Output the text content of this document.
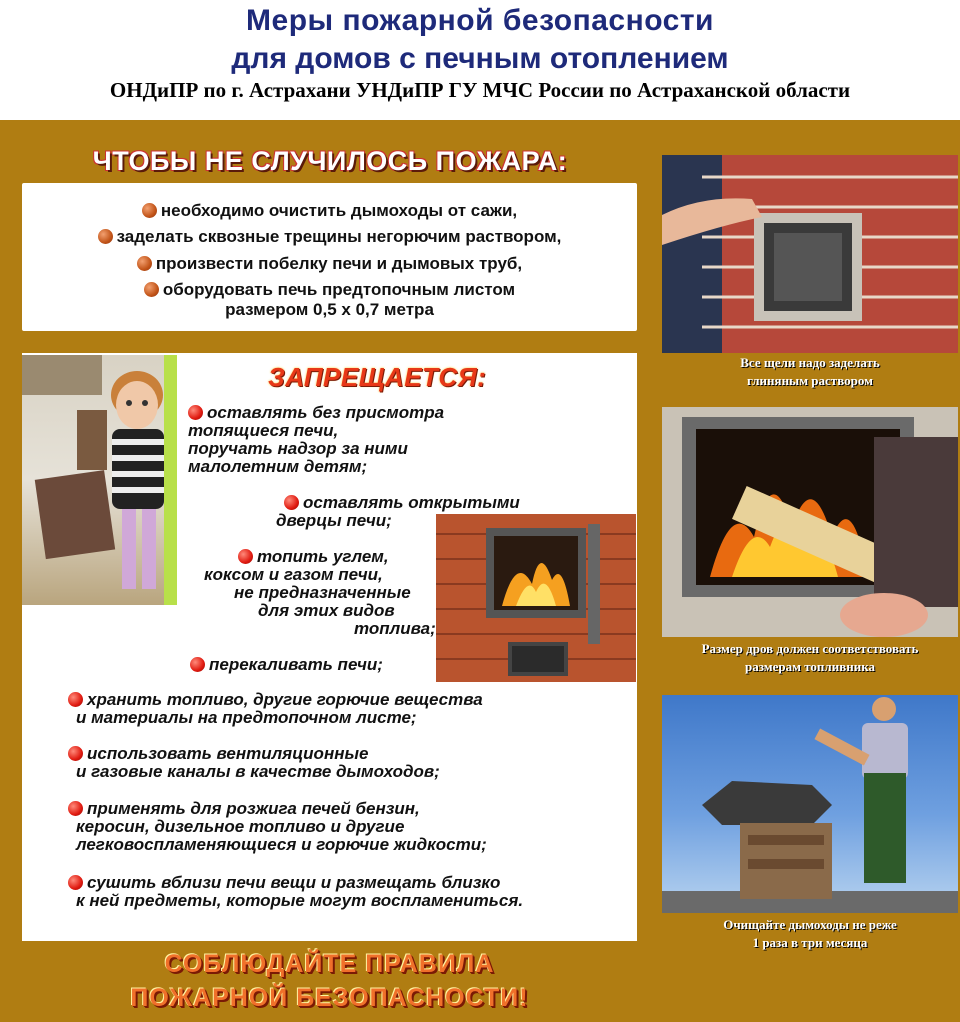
Меры пожарной безопасности
для домов с печным отоплением
ОНДиПР по г. Астрахани УНДиПР ГУ МЧС России по Астраханской области
ЧТОБЫ НЕ СЛУЧИЛОСЬ ПОЖАРА:
необходимо очистить дымоходы от сажи,
заделать сквозные трещины негорючим раствором,
произвести побелку печи и дымовых труб,
оборудовать печь предтопочным листом
размером 0,5 х 0,7 метра
ЗАПРЕЩАЕТСЯ:
оставлять без присмотра
топящиеся печи,
поручать надзор за ними
малолетним детям;
оставлять открытыми
дверцы печи;
топить углем,
коксом и газом печи,
не предназначенные
для этих видов
топлива;
перекаливать печи;
хранить топливо, другие горючие вещества
и материалы на предтопочном листе;
использовать вентиляционные
и газовые каналы в качестве дымоходов;
применять для розжига печей бензин,
керосин, дизельное топливо и другие
легковоспламеняющиеся и горючие жидкости;
сушить вблизи печи вещи и размещать близко
к ней предметы, которые могут воспламениться.
Все щели надо заделать
глиняным раствором
Размер дров должен соответствовать
размерам топливника
Очищайте дымоходы не реже
1 раза в три месяца
СОБЛЮДАЙТЕ ПРАВИЛА
ПОЖАРНОЙ БЕЗОПАСНОСТИ!
